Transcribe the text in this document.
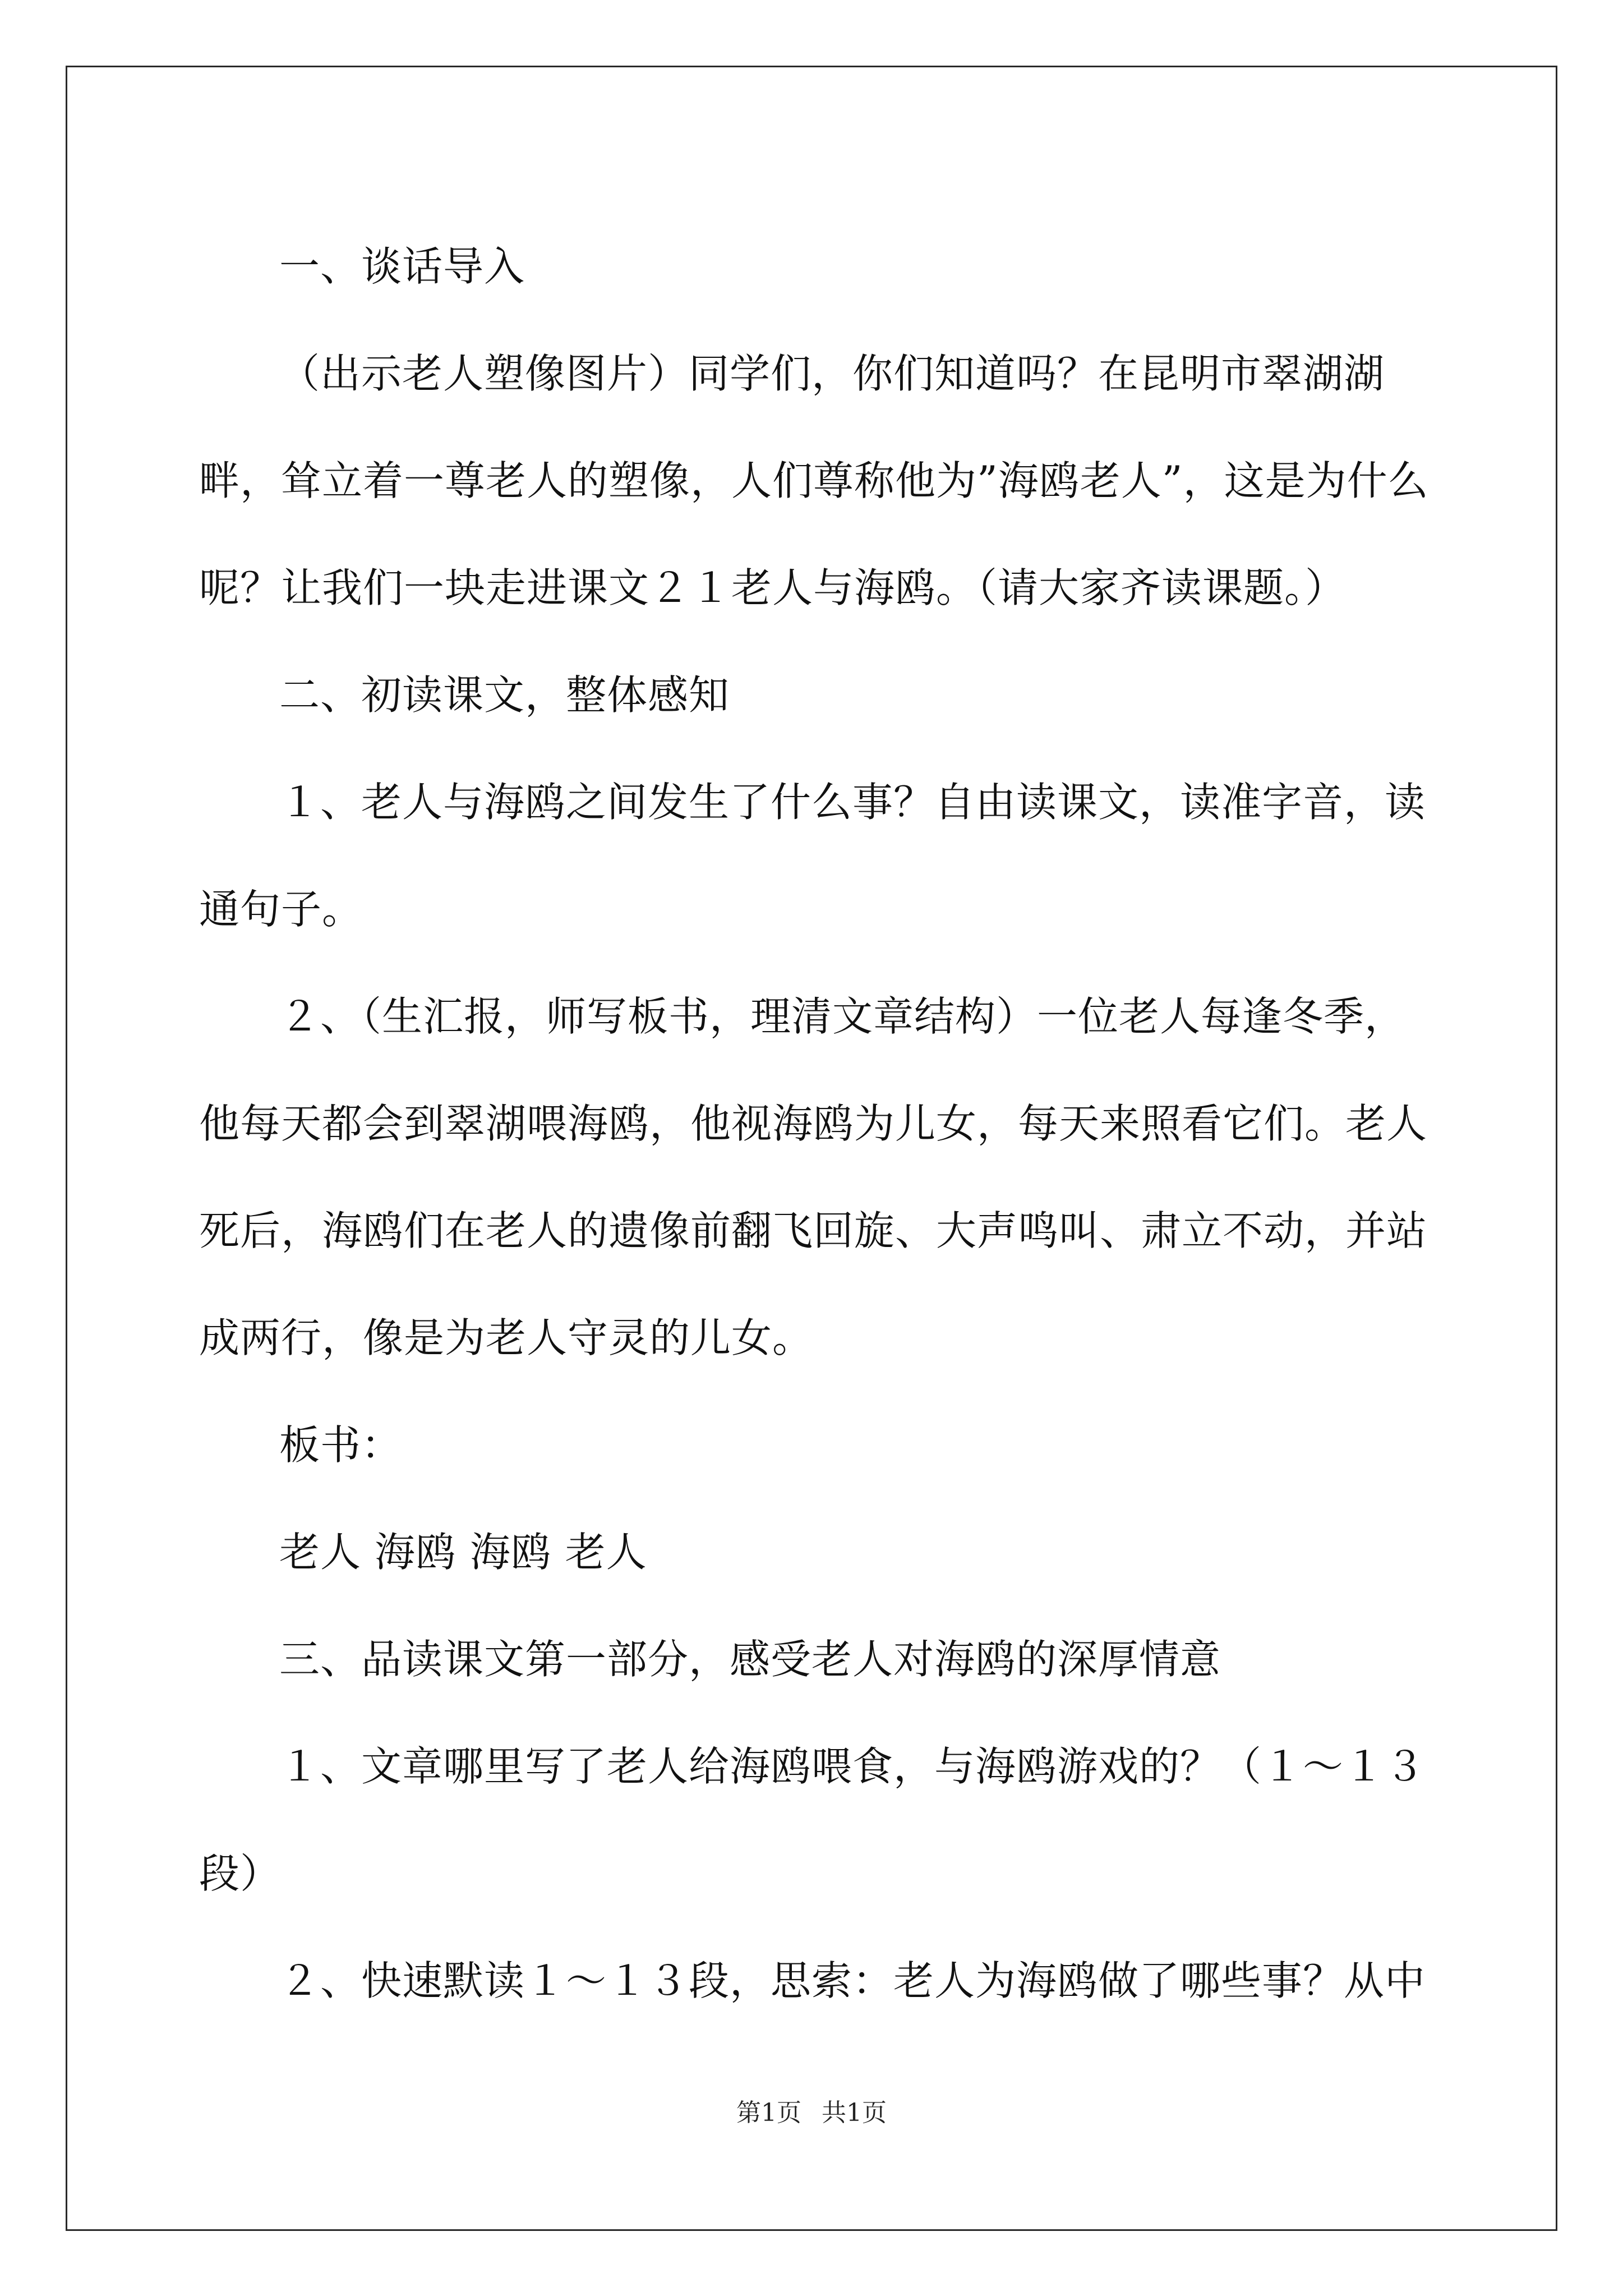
一、谈话导入

（出示老人塑像图片）同学们，你们知道吗？在昆明市翠湖湖畔，耸立着一尊老人的塑像，人们尊称他为”海鸥老人”，这是为什么呢？让我们一块走进课文２１老人与海鸥。（请大家齐读课题。）

二、初读课文，整体感知

１、老人与海鸥之间发生了什么事？自由读课文，读准字音，读通句子。

２、（生汇报，师写板书，理清文章结构）一位老人每逢冬季，他每天都会到翠湖喂海鸥，他视海鸥为儿女，每天来照看它们。老人死后，海鸥们在老人的遗像前翻飞回旋、大声鸣叫、肃立不动，并站成两行，像是为老人守灵的儿女。

板书：

老人 海鸥 海鸥 老人

三、品读课文第一部分，感受老人对海鸥的深厚情意

１、文章哪里写了老人给海鸥喂食，与海鸥游戏的？（１～１３段）

２、快速默读１～１３段，思索：老人为海鸥做了哪些事？从中

第1页 共1页
